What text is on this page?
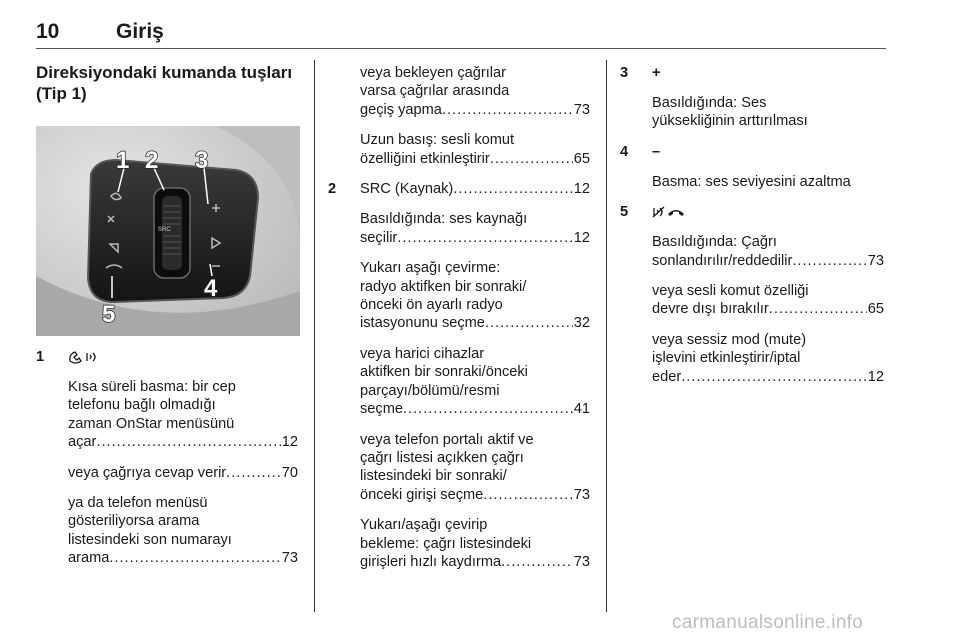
10	Giriş
Direksiyondaki kumanda tuşları
(Tip 1)
SRC
1 2 3
4
5
1
Kısa süreli basma: bir cep
telefonu bağlı olmadığı
zaman OnStar menüsünü
açar .....	12
veya çağrıya cevap verir .....	70
ya da telefon menüsü
gösteriliyorsa arama
listesindeki son numarayı
arama .....	73
veya bekleyen çağrılar
varsa çağrılar arasında
geçiş yapma .....	73
Uzun basış: sesli komut
özelliğini etkinleştirir .....	65
2 SRC (Kaynak) .....	12
Basıldığında: ses kaynağı
seçilir .....	12
Yukarı aşağı çevirme:
radyo aktifken bir sonraki/
önceki ön ayarlı radyo
istasyonunu seçme .....	32
veya harici cihazlar
aktifken bir sonraki/önceki
parçayı/bölümü/resmi
seçme .....	41
veya telefon portalı aktif ve
çağrı listesi açıkken çağrı
listesindeki bir sonraki/
önceki girişi seçme .....	73
Yukarı/aşağı çevirip
bekleme: çağrı listesindeki
girişleri hızlı kaydırma .....	73
3 +
Basıldığında: Ses
yüksekliğinin arttırılması
4 –
Basma: ses seviyesini azaltma
5
Basıldığında: Çağrı
sonlandırılır/reddedilir .....	73
veya sesli komut özelliği
devre dışı bırakılır .....	65
veya sessiz mod (mute)
işlevini etkinleştirir/iptal
eder .....	12
carmanualsonline.info
